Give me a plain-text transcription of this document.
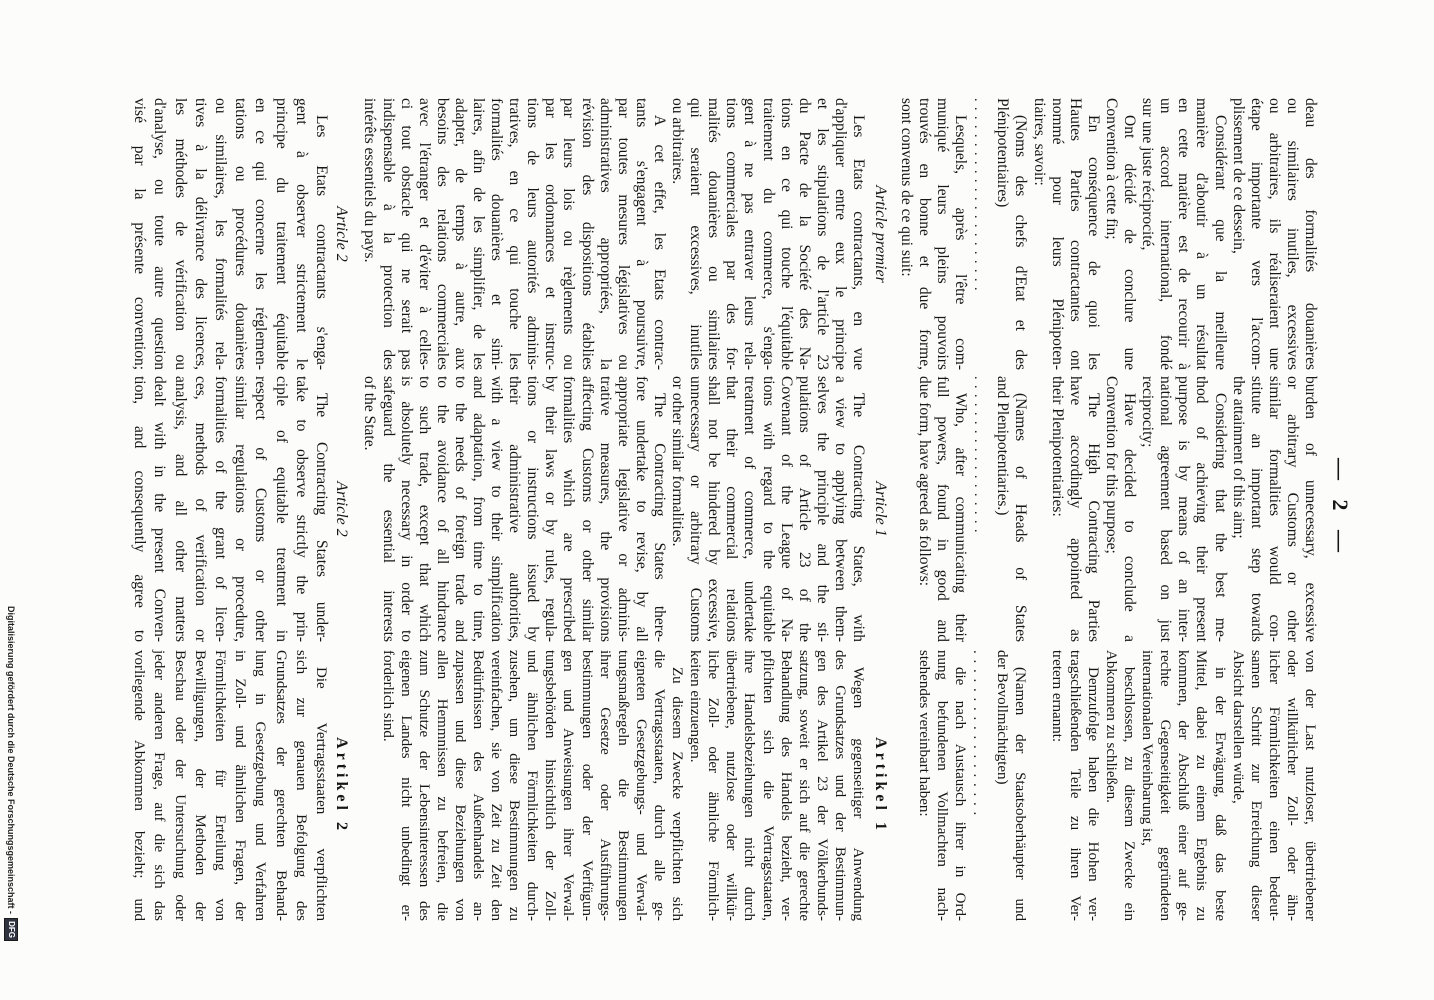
— 2 —
deau des formalités douanières
ou similaires inutiles, excessives
ou arbitraires, ils réaliseraient une
étape importante vers l'accom-
plissement de ce dessein,
Considérant que la meilleure
manière d'aboutir à un résultat
en cette matière est de recourir à
un accord international, fondé
sur une juste réciprocité,
Ont décidé de conclure une
Convention à cette fin;
En conséquence de quoi les
Hautes Parties contractantes ont
nommé pour leurs Plénipoten-
tiaires, savoir:
(Noms des chefs d'Etat et des
Plénipotentiaires)
. . . . . . . . . . . . . . . . . . . . . .
Lesquels, après l'être com-
muniqué leurs pleins pouvoirs
trouvés en bonne et due forme,
sont convenus de ce qui suit:
Article premier
Les Etats contractants, en vue
d'appliquer entre eux le principe
et les stipulations de l'article 23
du Pacte de la Société des Na-
tions en ce qui touche l'équitable
traitement du commerce, s'enga-
gent à ne pas entraver leurs rela-
tions commerciales par des for-
malités douanières ou similaires
qui seraient excessives, inutiles
ou arbitraires.
A cet effet, les Etats contrac-
tants s'engagent à poursuivre,
par toutes mesures législatives ou
administratives appropriées, la
révision des dispositions établies
par leurs lois ou règlements ou
par les ordonnances et instruc-
tions de leurs autorités adminis-
tratives, en ce qui touche les
formalités douanières et simi-
laires, afin de les simplifier, de les
adapter, de temps à autre, aux
besoins des relations commerciales
avec l'étranger et d'éviter à celles-
ci tout obstacle qui ne serait pas
indispensable à la protection des
intérêts essentiels du pays.
Article 2
Les Etats contractants s'enga-
gent à observer strictement le
principe du traitement équitable
en ce qui concerne les réglemen-
tations ou procédures douanières
ou similaires, les formalités rela-
tives à la délivrance des licences,
les méthodes de vérification ou
d'analyse, ou toute autre question
visé par la présente convention;
burden of unnecessary, excessive
or arbitrary Customs or other
similar formalities would con-
stitute an important step towards
the attainment of this aim;
Considering that the best me-
thod of achieving their present
purpose is by means of an inter-
national agreement based on just
reciprocity;
Have decided to conclude a
Convention for this purpose;
The High Contracting Parties
have accordingly appointed as
their Plenipotentiaries:
(Names of Heads of States
and Plenipotentiaries.)
. . . . . . . . . . . . . . . . . .
Who, after communicating their
full powers, found in good and
due form, have agreed as follows:
Article 1
The Contracting States, with
a view to applying between them-
selves the principle and the sti-
pulations of Article 23 of the
Covenant of the League of Na-
tions with regard to the equitable
treatment of commerce, undertake
that their commercial relations
shall not be hindered by excessive,
unnecessary or arbitrary Customs
or other similar formalities.
The Contracting States there-
fore undertake to revise, by all
appropriate legislative or adminis-
trative measures, the provisions
affecting Customs or other similar
formalities which are prescribed
by their laws or by rules, regula-
tions or instructions issued by
their administrative authorities,
with a view to their simplification
and adaptation, from time to time,
to the needs of foreign trade and
to the avoidance of all hindrance
to such trade, except that which
is absolutely necessary in order to
safeguard the essential interests
of the State.
Article 2
The Contracting States under-
take to observe strictly the prin-
ciple of equitable treatment in
respect of Customs or other
similar regulations or procedure,
formalities of the grant of licen-
ces, methods of verification or
analysis, and all other matters
dealt with in the present Conven-
tion, and consequently agree to
von der Last nutzloser, übertriebener
oder willkürlicher Zoll- oder ähn-
licher Förmlichkeiten einen bedeut-
samen Schritt zur Erreichung dieser
Absicht darstellen würde,
in der Erwägung, daß das beste
Mittel, dabei zu einem Ergebnis zu
kommen, der Abschluß einer auf ge-
rechte Gegenseitigkeit gegründeten
internationalen Vereinbarung ist,
beschlossen, zu diesem Zwecke ein
Abkommen zu schließen.
Demzufolge haben die Hohen ver-
tragschließenden Teile zu ihren Ver-
tretern ernannt:
(Namen der Staatsoberhäupter und
der Bevollmächtigten)
. . . . . . . . . . . . . . . . . .
die nach Austausch ihrer in Ord-
nung befundenen Vollmachten nach-
stehendes vereinbart haben:
Artikel 1
Wegen gegenseitiger Anwendung
des Grundsatzes und der Bestimmun-
gen des Artikel 23 der Völkerbunds-
satzung, soweit er sich auf die gerechte
Behandlung des Handels bezieht, ver-
pflichten sich die Vertragsstaaten,
ihre Handelsbeziehungen nicht durch
übertriebene, nutzlose oder willkür-
liche Zoll- oder ähnliche Förmlich-
keiten einzuengen.
Zu diesem Zwecke verpflichten sich
die Vertragsstaaten, durch alle ge-
eigneten Gesetzgebungs- und Verwal-
tungsmaßregeln die Bestimmungen
ihrer Gesetze oder Ausführungs-
bestimmungen oder der Verfügun-
gen und Anweisungen ihrer Verwal-
tungsbehörden hinsichtlich der Zoll-
und ähnlichen Förmlichkeiten durch-
zusehen, um diese Bestimmungen zu
vereinfachen, sie von Zeit zu Zeit den
Bedürfnissen des Außenhandels an-
zupassen und diese Beziehungen von
allen Hemmnissen zu befreien, die
zum Schutze der Lebensinteressen des
eigenen Landes nicht unbedingt er-
forderlich sind.
Artikel 2
Die Vertragsstaaten verpflichten
sich zur genauen Befolgung des
Grundsatzes der gerechten Behand-
lung in Gesetzgebung und Verfahren
in Zoll- und ähnlichen Fragen, der
Förmlichkeiten für Erteilung von
Bewilligungen, der Methoden der
Beschau oder der Untersuchung oder
jeder anderen Frage, auf die sich das
vorliegende Abkommen bezieht; und
Digitalisierung gefördert durch die Deutsche Forschungsgemeinschaft -
DFG
